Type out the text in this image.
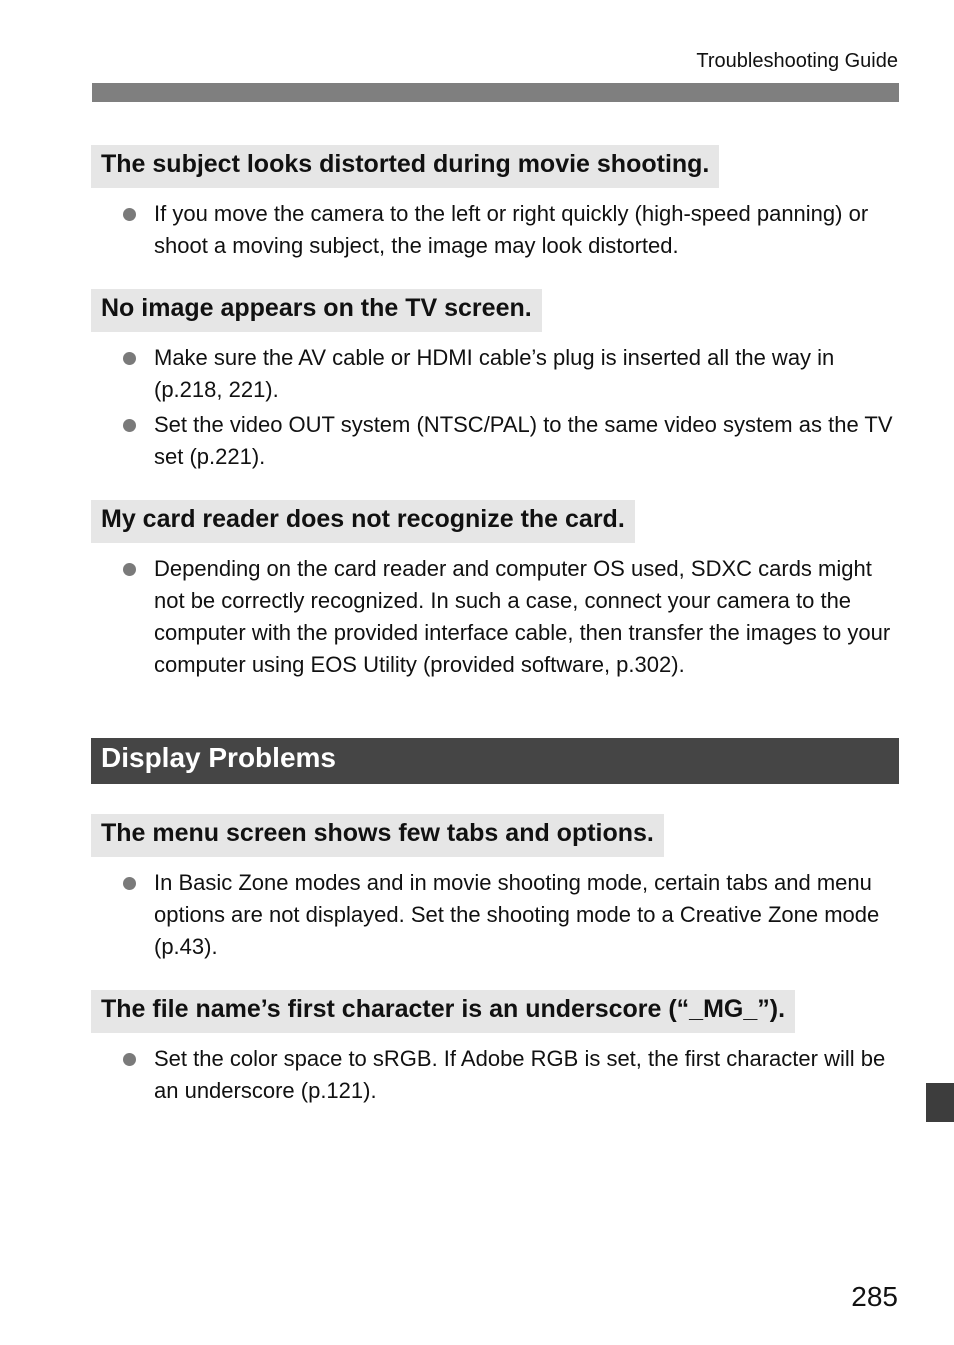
Troubleshooting Guide
The subject looks distorted during movie shooting.
If you move the camera to the left or right quickly (high-speed panning) or shoot a moving subject, the image may look distorted.
No image appears on the TV screen.
Make sure the AV cable or HDMI cable’s plug is inserted all the way in (p.218, 221).
Set the video OUT system (NTSC/PAL) to the same video system as the TV set (p.221).
My card reader does not recognize the card.
Depending on the card reader and computer OS used, SDXC cards might not be correctly recognized. In such a case, connect your camera to the computer with the provided interface cable, then transfer the images to your computer using EOS Utility (provided software, p.302).
Display Problems
The menu screen shows few tabs and options.
In Basic Zone modes and in movie shooting mode, certain tabs and menu options are not displayed. Set the shooting mode to a Creative Zone mode (p.43).
The file name’s first character is an underscore (“_MG_”).
Set the color space to sRGB. If Adobe RGB is set, the first character will be an underscore (p.121).
285
